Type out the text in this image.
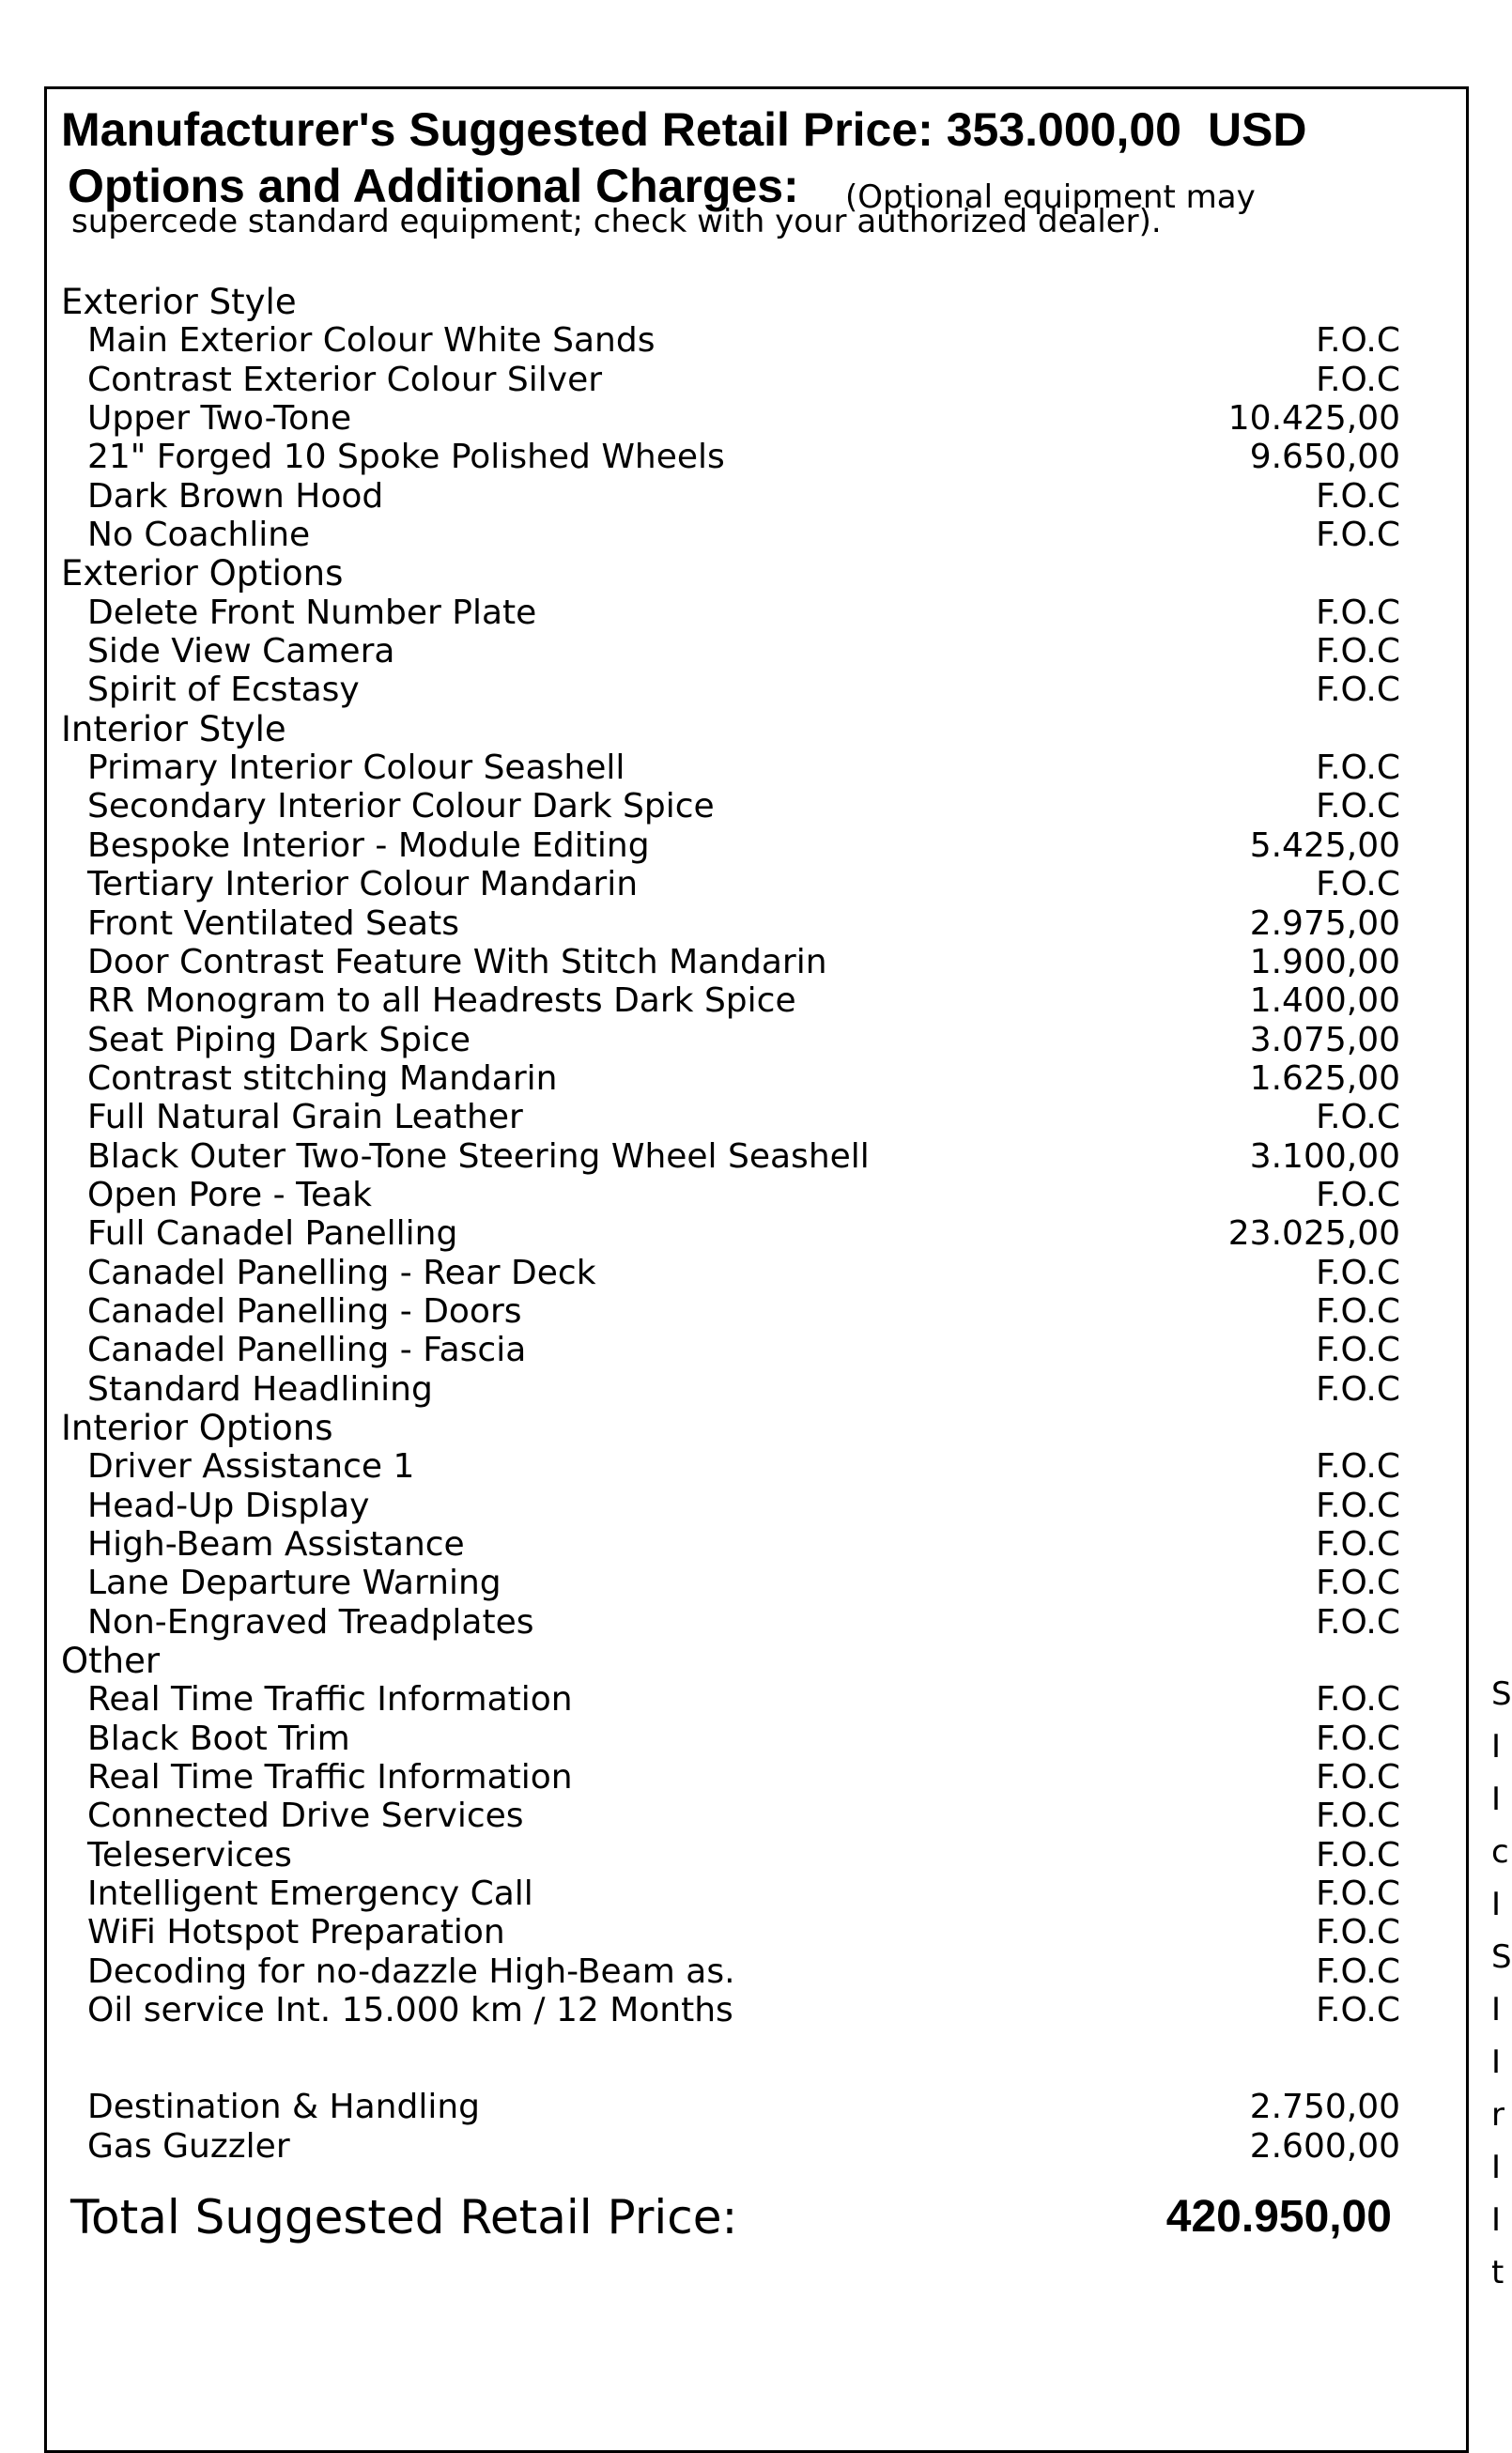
Manufacturer's Suggested Retail Price: 353.000,00 USD
Options and Additional Charges: (Optional equipment may
supercede standard equipment; check with your authorized dealer).
Exterior Style
Main Exterior Colour White Sands	F.O.C
Contrast Exterior Colour Silver	F.O.C
Upper Two-Tone	10.425,00
21" Forged 10 Spoke Polished Wheels	9.650,00
Dark Brown Hood	F.O.C
No Coachline	F.O.C
Exterior Options
Delete Front Number Plate	F.O.C
Side View Camera	F.O.C
Spirit of Ecstasy	F.O.C
Interior Style
Primary Interior Colour Seashell	F.O.C
Secondary Interior Colour Dark Spice	F.O.C
Bespoke Interior - Module Editing	5.425,00
Tertiary Interior Colour Mandarin	F.O.C
Front Ventilated Seats	2.975,00
Door Contrast Feature With Stitch Mandarin	1.900,00
RR Monogram to all Headrests Dark Spice	1.400,00
Seat Piping Dark Spice	3.075,00
Contrast stitching Mandarin	1.625,00
Full Natural Grain Leather	F.O.C
Black Outer Two-Tone Steering Wheel Seashell	3.100,00
Open Pore - Teak	F.O.C
Full Canadel Panelling	23.025,00
Canadel Panelling - Rear Deck	F.O.C
Canadel Panelling - Doors	F.O.C
Canadel Panelling - Fascia	F.O.C
Standard Headlining	F.O.C
Interior Options
Driver Assistance 1	F.O.C
Head-Up Display	F.O.C
High-Beam Assistance	F.O.C
Lane Departure Warning	F.O.C
Non-Engraved Treadplates	F.O.C
Other
Real Time Traffic Information	F.O.C
Black Boot Trim	F.O.C
Real Time Traffic Information	F.O.C
Connected Drive Services	F.O.C
Teleservices	F.O.C
Intelligent Emergency Call	F.O.C
WiFi Hotspot Preparation	F.O.C
Decoding for no-dazzle High-Beam as.	F.O.C
Oil service Int. 15.000 km / 12 Months	F.O.C
Destination & Handling	2.750,00
Gas Guzzler	2.600,00
Total Suggested Retail Price:	420.950,00
S
I
I
c
I
S
I
I
r
I
I
t
